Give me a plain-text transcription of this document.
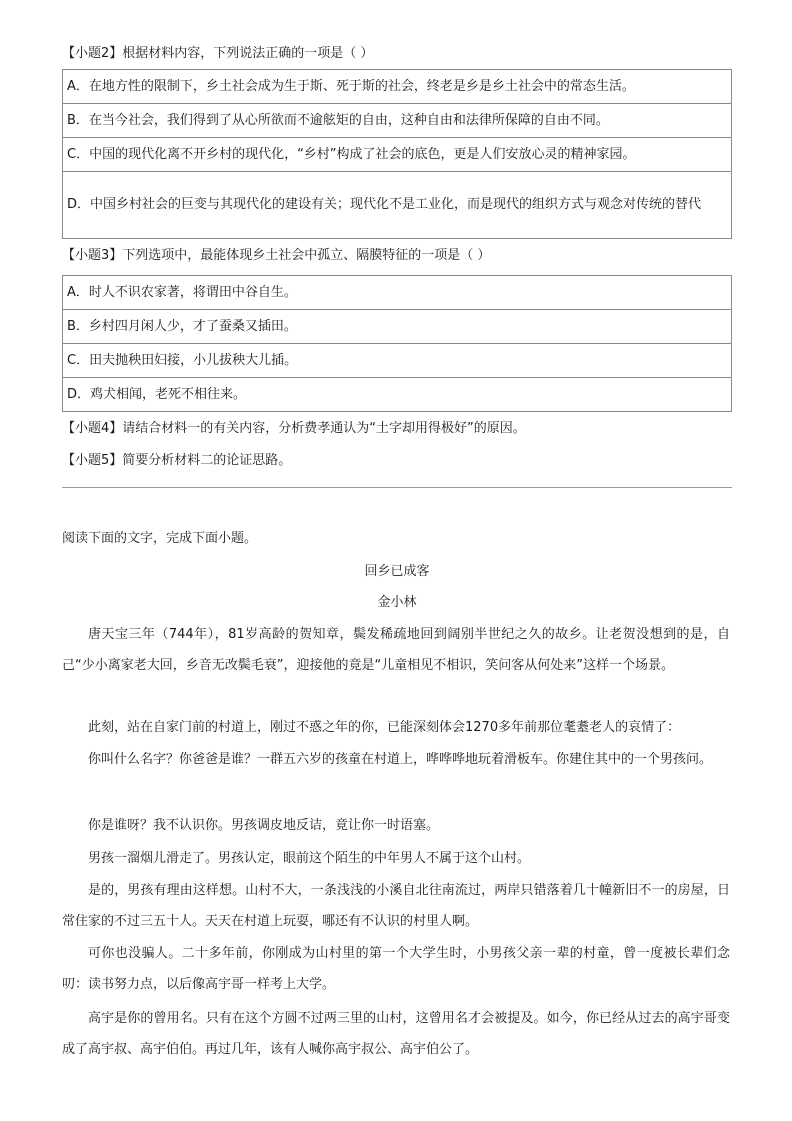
【小题2】根据材料内容，下列说法正确的一项是（ ）
A．在地方性的限制下，乡土社会成为生于斯、死于斯的社会，终老是乡是乡土社会中的常态生活。
B．在当今社会，我们得到了从心所欲而不逾舷矩的自由，这种自由和法律所保障的自由不同。
C．中国的现代化离不开乡村的现代化，“乡村”构成了社会的底色，更是人们安放心灵的精神家园。
D．中国乡村社会的巨变与其现代化的建设有关；现代化不是工业化，而是现代的组织方式与观念对传统的替代
【小题3】下列选项中，最能体现乡土社会中孤立、隔膜特征的一项是（ ）
A．时人不识农家著，将谓田中谷自生。
B．乡村四月闲人少，才了蚕桑又插田。
C．田夫抛秧田妇接，小儿拔秧大儿插。
D．鸡犬相闻，老死不相往来。
【小题4】请结合材料一的有关内容，分析费孝通认为“土字却用得极好”的原因。
【小题5】简要分析材料二的论证思路。
阅读下面的文字，完成下面小题。
回乡已成客
金小林

唐天宝三年（744年），81岁高龄的贺知章，鬓发稀疏地回到阔别半世纪之久的故乡。让老贺没想到的是，自己“少小离家老大回，乡音无改鬓毛衰”，迎接他的竟是“儿童相见不相识，笑问客从何处来”这样一个场景。

此刻，站在自家门前的村道上，刚过不惑之年的你，已能深刻体会1270多年前那位耄耋老人的哀情了：

你叫什么名字？你爸爸是谁？一群五六岁的孩童在村道上，哗哗哗地玩着滑板车。你建住其中的一个男孩问。

你是谁呀？我不认识你。男孩调皮地反诘，竟让你一时语塞。

男孩一溜烟儿滑走了。男孩认定，眼前这个陌生的中年男人不属于这个山村。

是的，男孩有理由这样想。山村不大，一条浅浅的小溪自北往南流过，两岸只错落着几十幢新旧不一的房屋，日常住家的不过三五十人。天天在村道上玩耍，哪还有不认识的村里人啊。

可你也没骗人。二十多年前，你刚成为山村里的第一个大学生时，小男孩父亲一辈的村童，曾一度被长辈们念叨：读书努力点，以后像高宇哥一样考上大学。

高宇是你的曾用名。只有在这个方圆不过两三里的山村，这曾用名才会被提及。如今，你已经从过去的高宇哥变成了高宇叔、高宇伯伯。再过几年，该有人喊你高宇叔公、高宇伯公了。
